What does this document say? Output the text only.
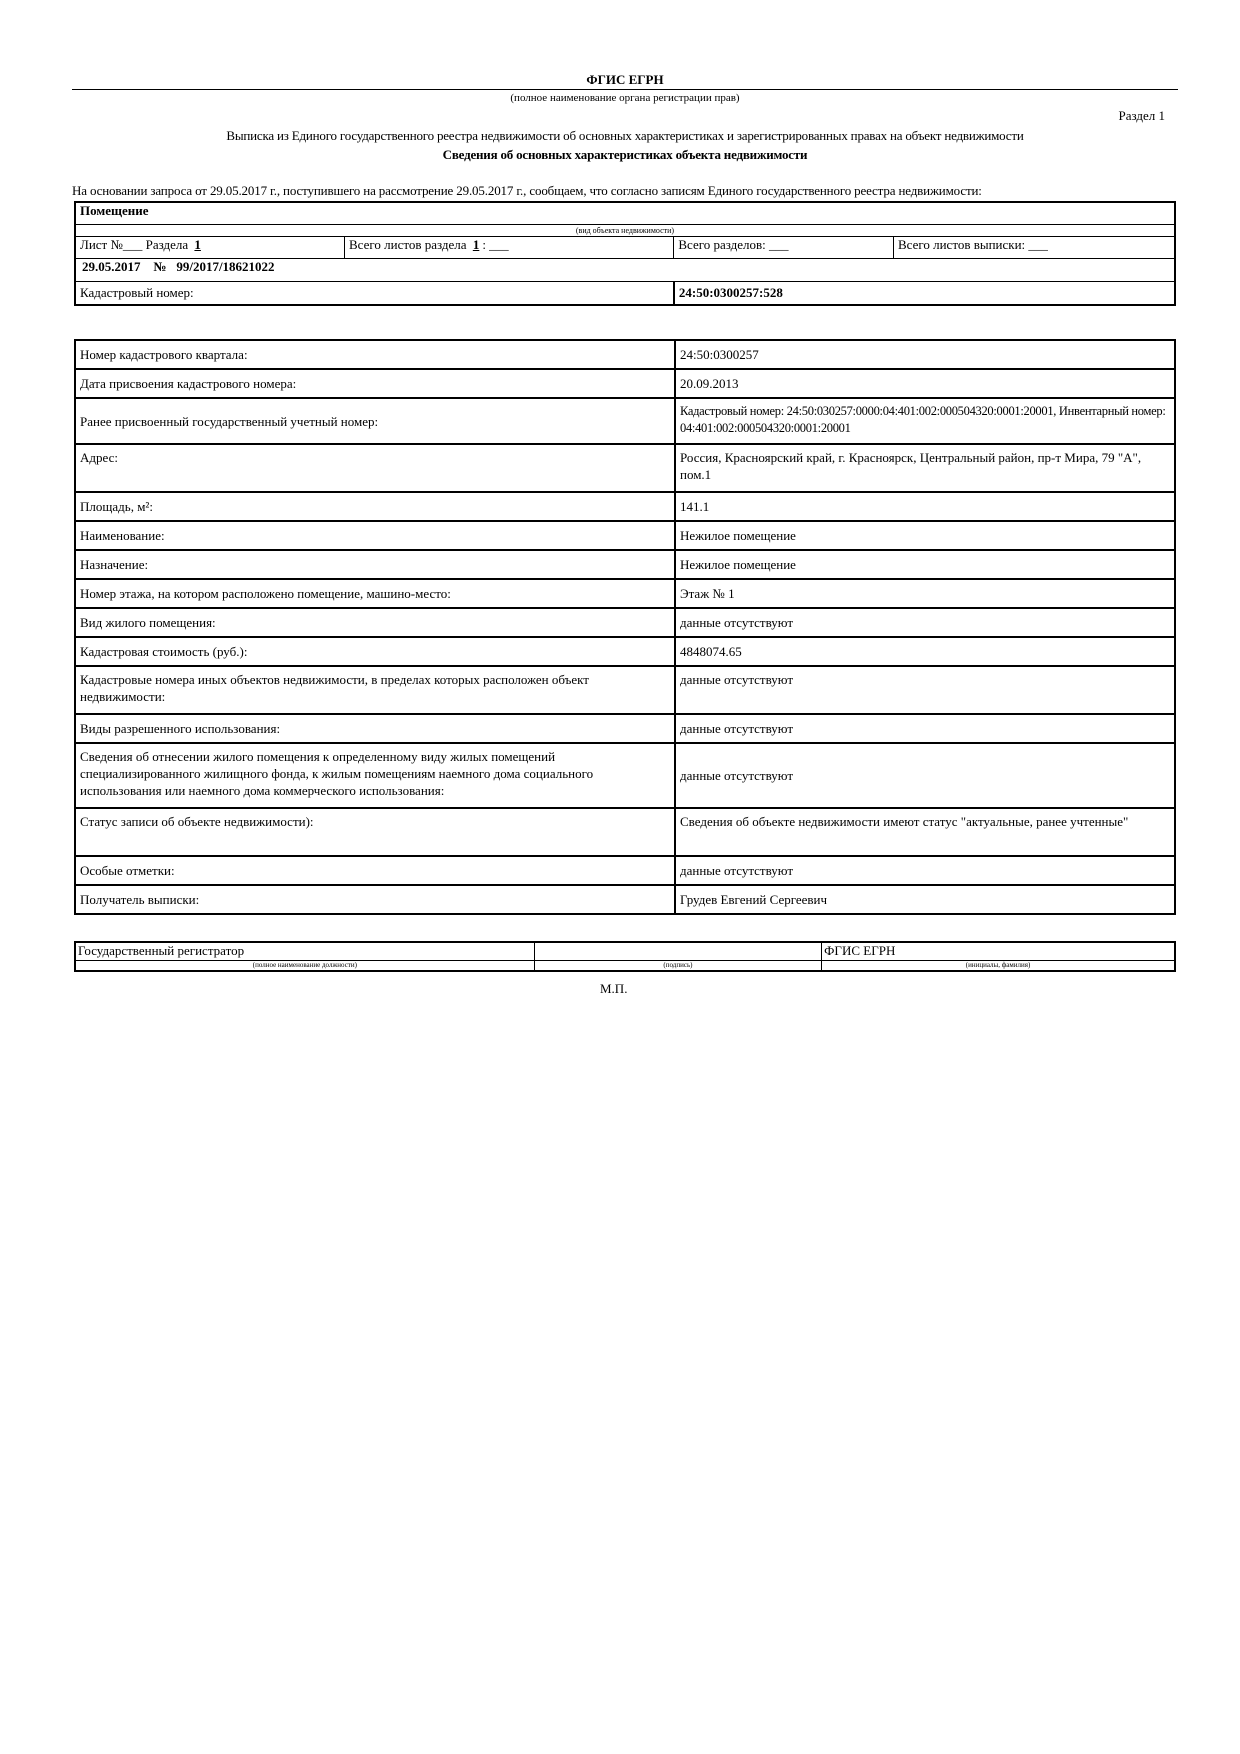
ФГИС ЕГРН
(полное наименование органа регистрации прав)
Раздел 1
Выписка из Единого государственного реестра недвижимости об основных характеристиках и зарегистрированных правах на объект недвижимости
Сведения об основных характеристиках объекта недвижимости
На основании запроса от 29.05.2017 г., поступившего на рассмотрение 29.05.2017 г., сообщаем, что согласно записям Единого государственного реестра недвижимости:
Помещение			
(вид объекта недвижимости)			
Лист №___ Раздела 1	Всего листов раздела 1 : ___	Всего разделов: ___	Всего листов выписки: ___
29.05.2017 № 99/2017/18621022			
Кадастровый номер:		24:50:0300257:528	
Номер кадастрового квартала:	24:50:0300257
Дата присвоения кадастрового номера:	20.09.2013
Ранее присвоенный государственный учетный номер:	Кадастровый номер: 24:50:030257:0000:04:401:002:000504320:0001:20001, Инвентарный номер: 04:401:002:000504320:0001:20001
Адрес:	Россия, Красноярский край, г. Красноярск, Центральный район, пр-т Мира, 79 "А", пом.1
Площадь, м²:	141.1
Наименование:	Нежилое помещение
Назначение:	Нежилое помещение
Номер этажа, на котором расположено помещение, машино-место:	Этаж № 1
Вид жилого помещения:	данные отсутствуют
Кадастровая стоимость (руб.):	4848074.65
Кадастровые номера иных объектов недвижимости, в пределах которых расположен объект недвижимости:	данные отсутствуют
Виды разрешенного использования:	данные отсутствуют
Сведения об отнесении жилого помещения к определенному виду жилых помещений специализированного жилищного фонда, к жилым помещениям наемного дома социального использования или наемного дома коммерческого использования:	данные отсутствуют
Статус записи об объекте недвижимости):	Сведения об объекте недвижимости имеют статус "актуальные, ранее учтенные"
Особые отметки:	данные отсутствуют
Получатель выписки:	Грудев Евгений Сергеевич
Государственный регистратор		ФГИС ЕГРН
(полное наименование должности)	(подпись)	(инициалы, фамилия)
М.П.
